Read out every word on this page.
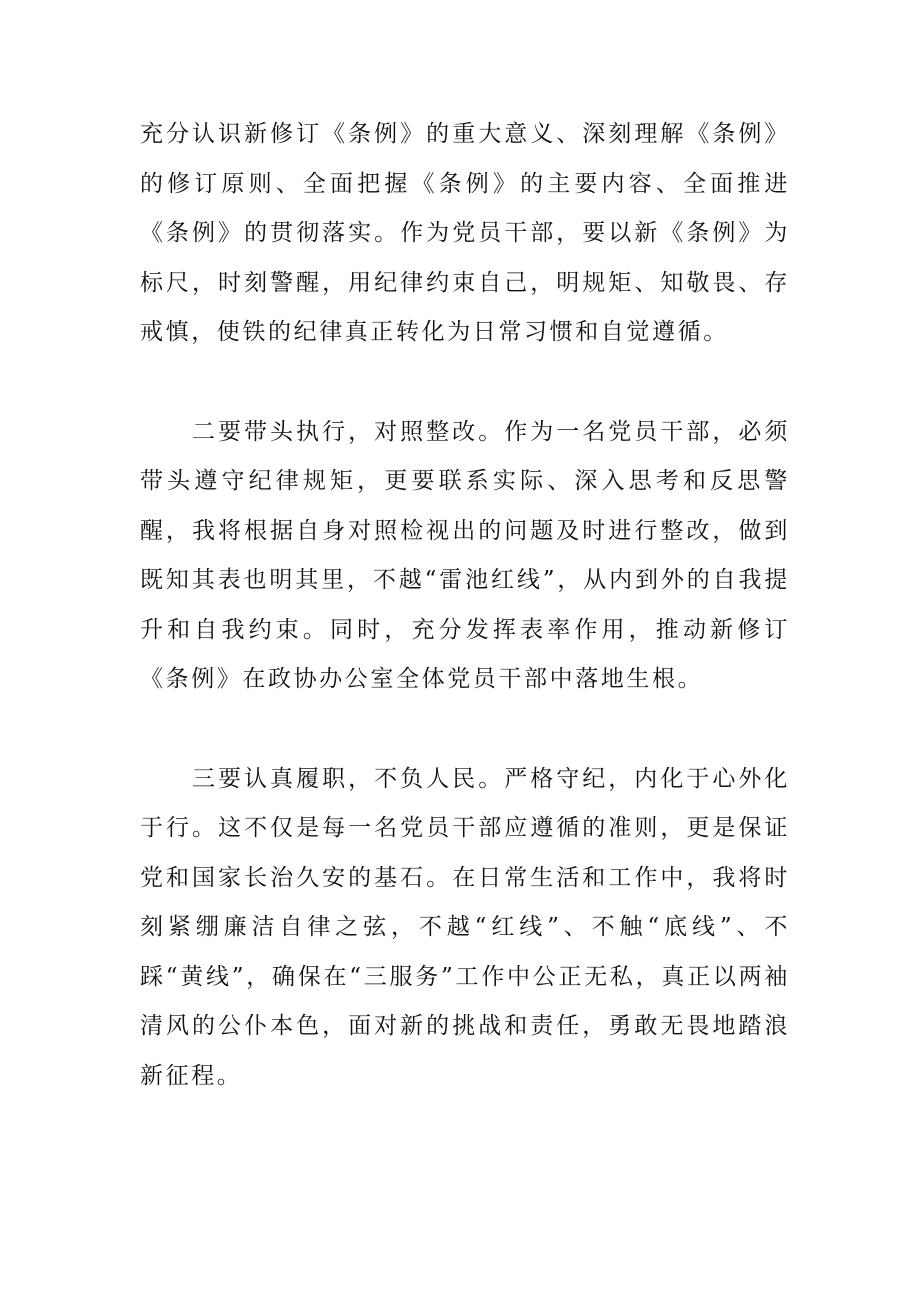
充分认识新修订《条例》的重大意义、深刻理解《条例》的修订原则、全面把握《条例》的主要内容、全面推进《条例》的贯彻落实。作为党员干部，要以新《条例》为标尺，时刻警醒，用纪律约束自己，明规矩、知敬畏、存戒慎，使铁的纪律真正转化为日常习惯和自觉遵循。

二要带头执行，对照整改。作为一名党员干部，必须带头遵守纪律规矩，更要联系实际、深入思考和反思警醒，我将根据自身对照检视出的问题及时进行整改，做到既知其表也明其里，不越“雷池红线”，从内到外的自我提升和自我约束。同时，充分发挥表率作用，推动新修订《条例》在政协办公室全体党员干部中落地生根。

三要认真履职，不负人民。严格守纪，内化于心外化于行。这不仅是每一名党员干部应遵循的准则，更是保证党和国家长治久安的基石。在日常生活和工作中，我将时刻紧绷廉洁自律之弦，不越“红线”、不触“底线”、不踩“黄线”，确保在“三服务”工作中公正无私，真正以两袖清风的公仆本色，面对新的挑战和责任，勇敢无畏地踏浪新征程。
